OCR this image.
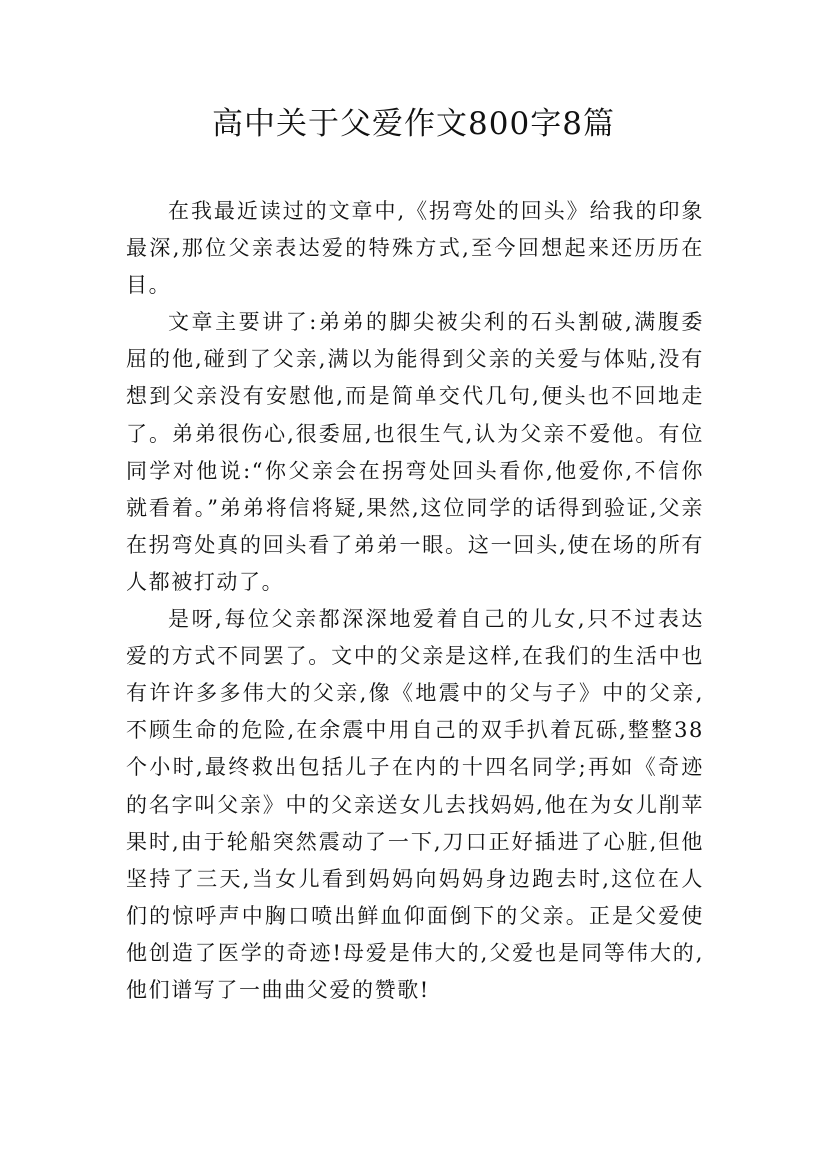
高中关于父爱作文800字8篇

在我最近读过的文章中,《拐弯处的回头》给我的印象最深,那位父亲表达爱的特殊方式,至今回想起来还历历在目。

文章主要讲了:弟弟的脚尖被尖利的石头割破,满腹委屈的他,碰到了父亲,满以为能得到父亲的关爱与体贴,没有想到父亲没有安慰他,而是简单交代几句,便头也不回地走了。弟弟很伤心,很委屈,也很生气,认为父亲不爱他。有位同学对他说:“你父亲会在拐弯处回头看你,他爱你,不信你就看着。”弟弟将信将疑,果然,这位同学的话得到验证,父亲在拐弯处真的回头看了弟弟一眼。这一回头,使在场的所有人都被打动了。

是呀,每位父亲都深深地爱着自己的儿女,只不过表达爱的方式不同罢了。文中的父亲是这样,在我们的生活中也有许许多多伟大的父亲,像《地震中的父与子》中的父亲,不顾生命的危险,在余震中用自己的双手扒着瓦砾,整整38个小时,最终救出包括儿子在内的十四名同学;再如《奇迹的名字叫父亲》中的父亲送女儿去找妈妈,他在为女儿削苹果时,由于轮船突然震动了一下,刀口正好插进了心脏,但他坚持了三天,当女儿看到妈妈向妈妈身边跑去时,这位在人们的惊呼声中胸口喷出鲜血仰面倒下的父亲。正是父爱使他创造了医学的奇迹!母爱是伟大的,父爱也是同等伟大的,他们谱写了一曲曲父爱的赞歌!
